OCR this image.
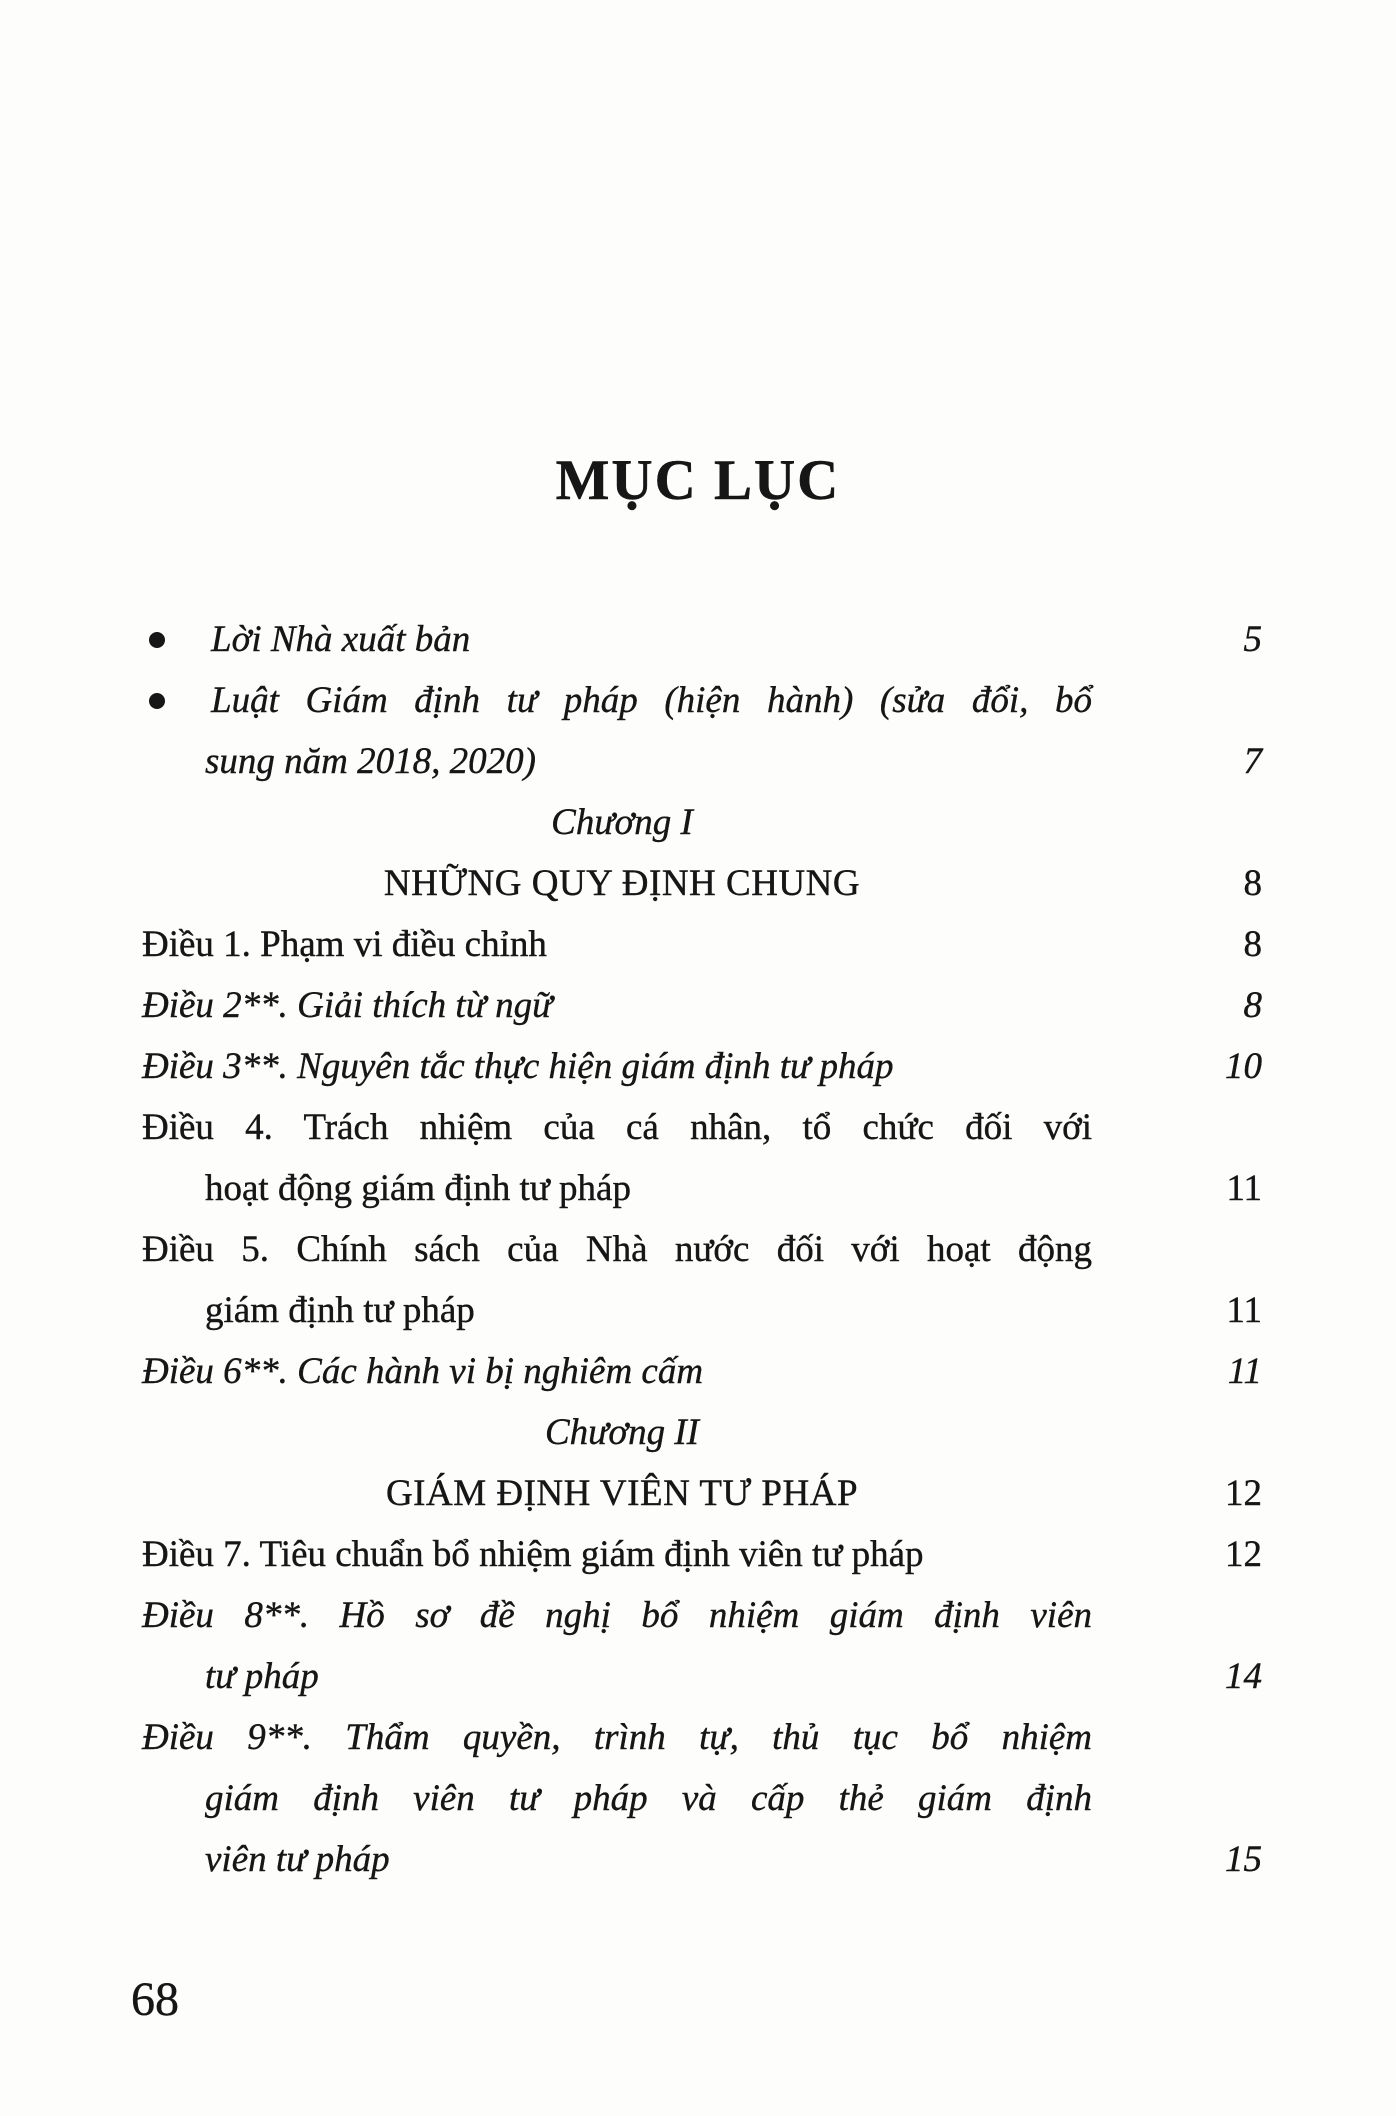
MỤC LỤC
Lời Nhà xuất bản	5
Luật Giám định tư pháp (hiện hành) (sửa đổi, bổ
sung năm 2018, 2020)	7
Chương I
NHỮNG QUY ĐỊNH CHUNG	8
Điều 1. Phạm vi điều chỉnh	8
Điều 2**. Giải thích từ ngữ	8
Điều 3**. Nguyên tắc thực hiện giám định tư pháp	10
Điều 4. Trách nhiệm của cá nhân, tổ chức đối với
hoạt động giám định tư pháp	11
Điều 5. Chính sách của Nhà nước đối với hoạt động
giám định tư pháp	11
Điều 6**. Các hành vi bị nghiêm cấm	11
Chương II
GIÁM ĐỊNH VIÊN TƯ PHÁP	12
Điều 7. Tiêu chuẩn bổ nhiệm giám định viên tư pháp	12
Điều 8**. Hồ sơ đề nghị bổ nhiệm giám định viên
tư pháp	14
Điều 9**. Thẩm quyền, trình tự, thủ tục bổ nhiệm
giám định viên tư pháp và cấp thẻ giám định
viên tư pháp	15
68
